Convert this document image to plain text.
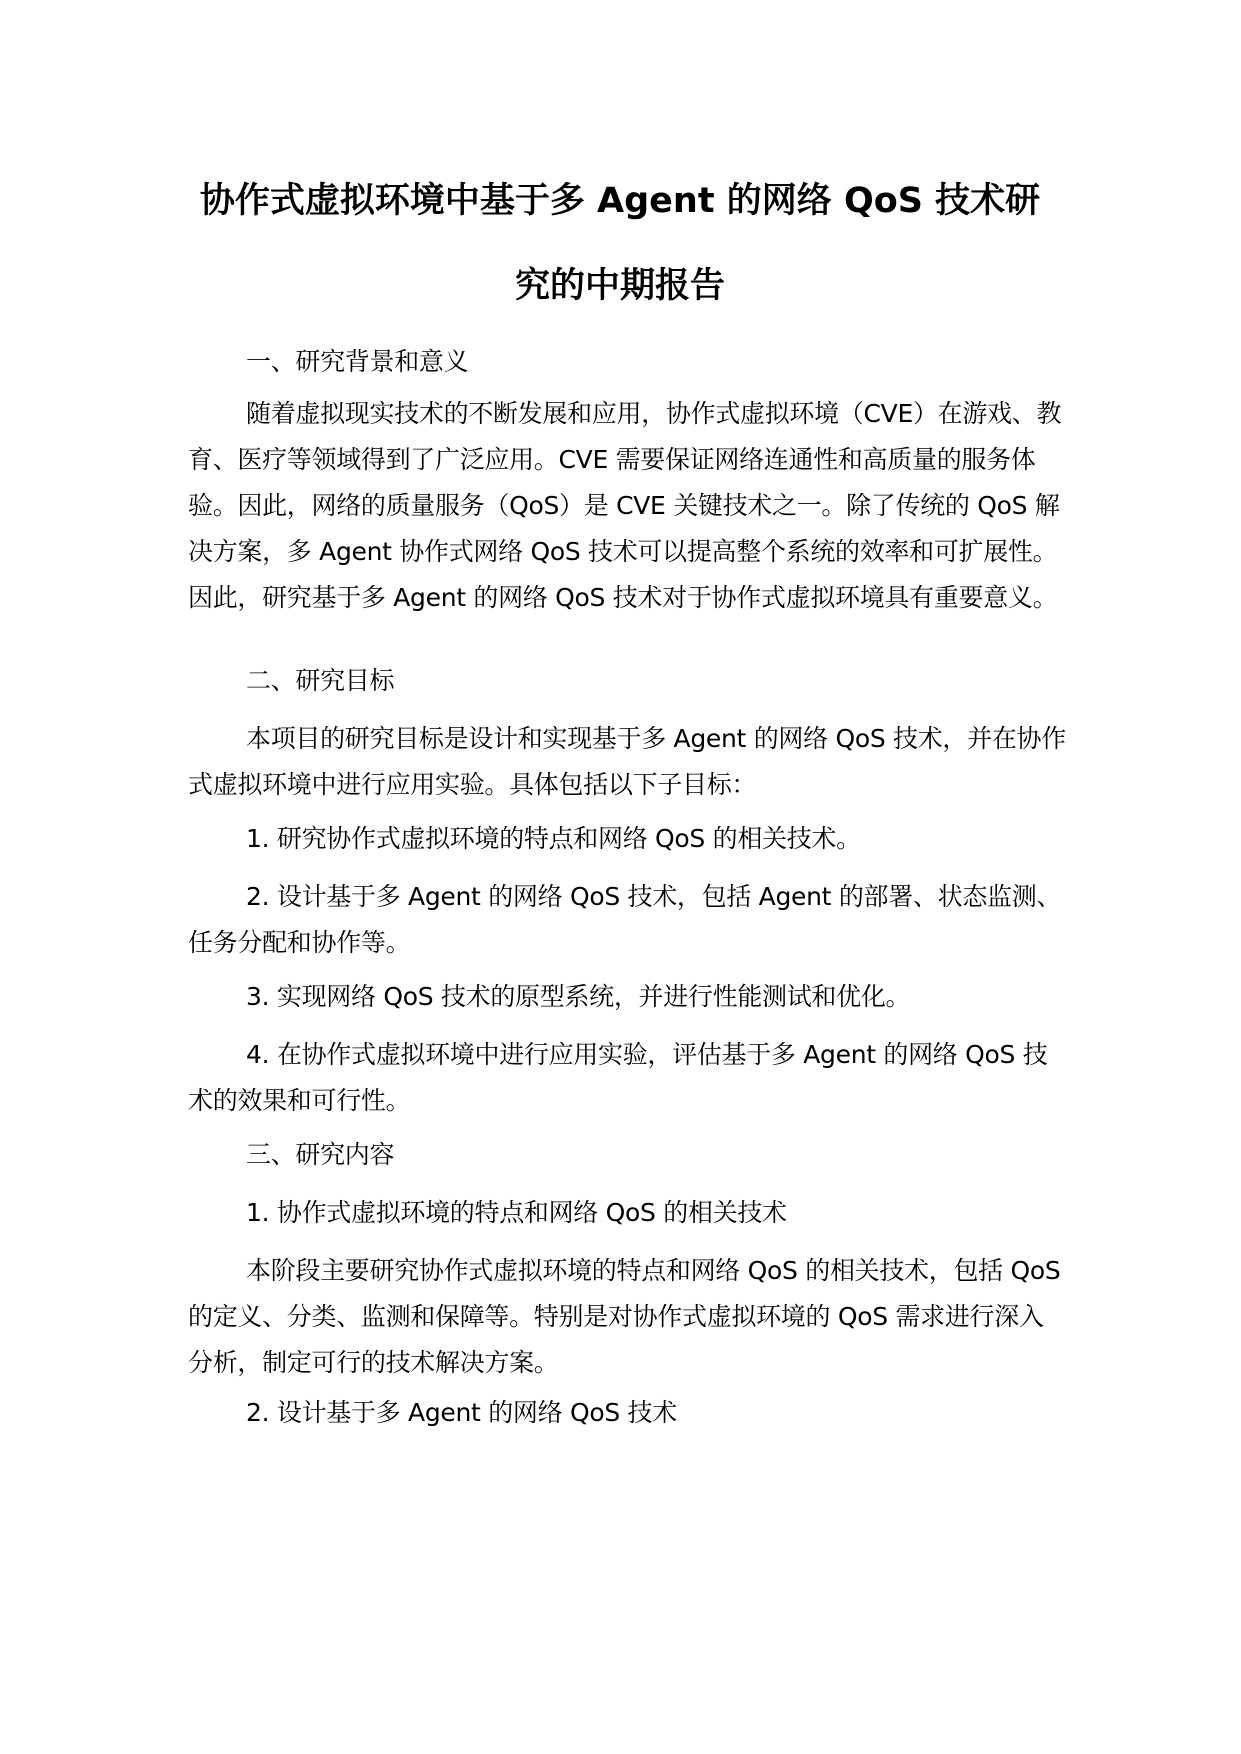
协作式虚拟环境中基于多 Agent 的网络 QoS 技术研
究的中期报告

一、研究背景和意义

随着虚拟现实技术的不断发展和应用，协作式虚拟环境（CVE）在游戏、教育、医疗等领域得到了广泛应用。CVE 需要保证网络连通性和高质量的服务体验。因此，网络的质量服务（QoS）是 CVE 关键技术之一。除了传统的 QoS 解决方案，多 Agent 协作式网络 QoS 技术可以提高整个系统的效率和可扩展性。因此，研究基于多 Agent 的网络 QoS 技术对于协作式虚拟环境具有重要意义。

二、研究目标

本项目的研究目标是设计和实现基于多 Agent 的网络 QoS 技术，并在协作式虚拟环境中进行应用实验。具体包括以下子目标：

1. 研究协作式虚拟环境的特点和网络 QoS 的相关技术。

2. 设计基于多 Agent 的网络 QoS 技术，包括 Agent 的部署、状态监测、任务分配和协作等。

3. 实现网络 QoS 技术的原型系统，并进行性能测试和优化。

4. 在协作式虚拟环境中进行应用实验，评估基于多 Agent 的网络 QoS 技术的效果和可行性。

三、研究内容

1. 协作式虚拟环境的特点和网络 QoS 的相关技术

本阶段主要研究协作式虚拟环境的特点和网络 QoS 的相关技术，包括 QoS 的定义、分类、监测和保障等。特别是对协作式虚拟环境的 QoS 需求进行深入分析，制定可行的技术解决方案。

2. 设计基于多 Agent 的网络 QoS 技术
